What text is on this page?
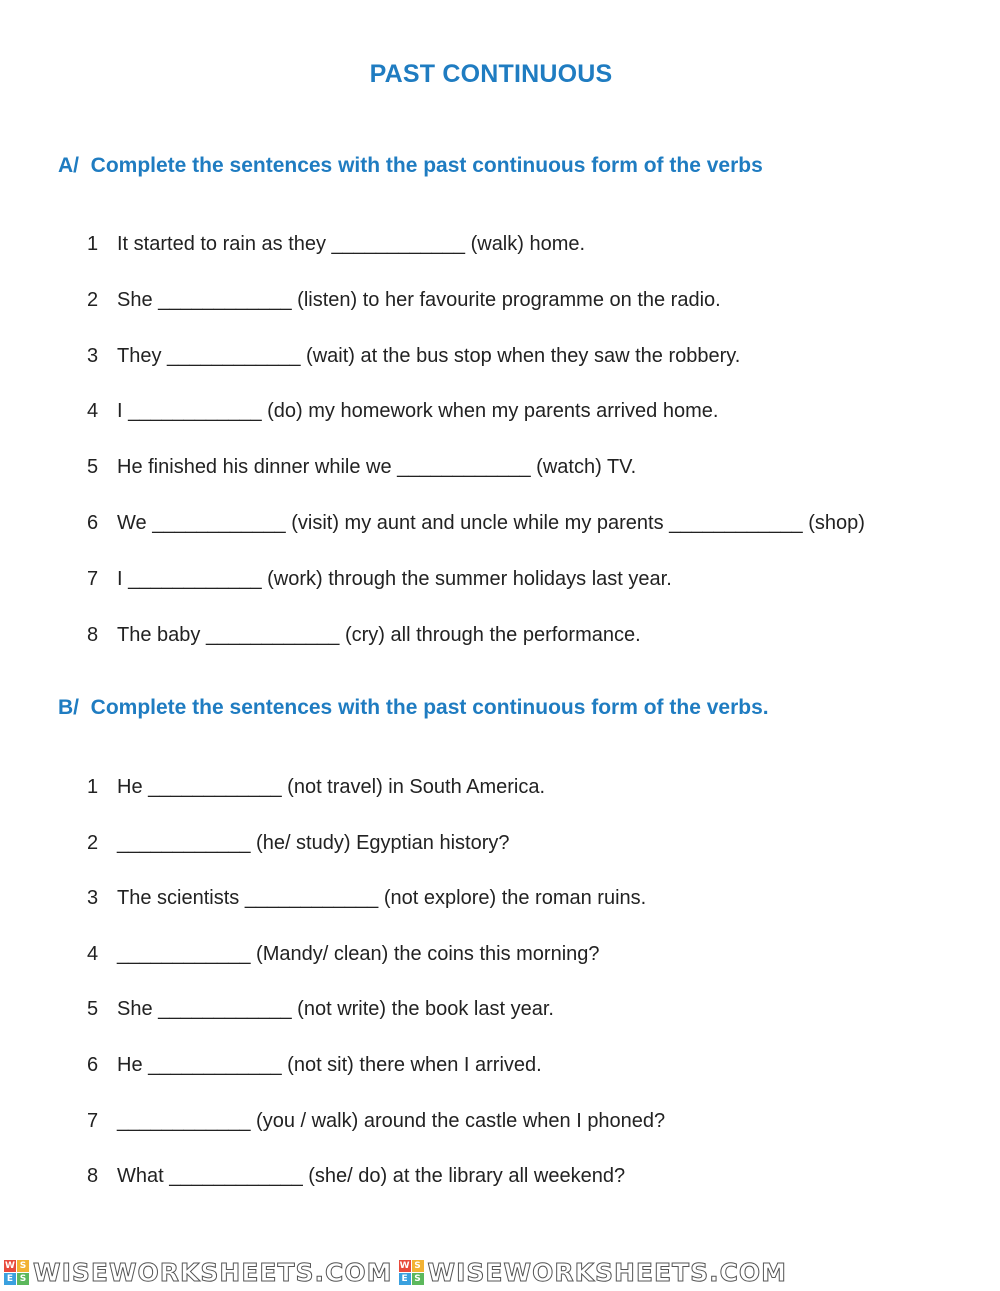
PAST CONTINUOUS
A/  Complete the sentences with the past continuous form of the verbs
1 It started to rain as they ____________ (walk) home.
2 She ____________ (listen) to her favourite programme on the radio.
3 They ____________ (wait) at the bus stop when they saw the robbery.
4 I ____________ (do) my homework when my parents arrived home.
5 He finished his dinner while we ____________ (watch) TV.
6 We ____________ (visit) my aunt and uncle while my parents ____________ (shop)
7 I ____________ (work) through the summer holidays last year.
8 The baby ____________ (cry) all through the performance.
B/  Complete the sentences with the past continuous form of the verbs.
1 He ____________ (not travel) in South America.
2 ____________ (he/ study) Egyptian history?
3 The scientists ____________ (not explore) the roman ruins.
4 ____________ (Mandy/ clean) the coins this morning?
5 She ____________ (not write) the book last year.
6 He ____________ (not sit) there when I arrived.
7 ____________ (you / walk) around the castle when I phoned?
8 What ____________ (she/ do) at the library all weekend?
W S
E S WISEWORKSHEETS.COM W S
E S WISEWORKSHEETS.COM
